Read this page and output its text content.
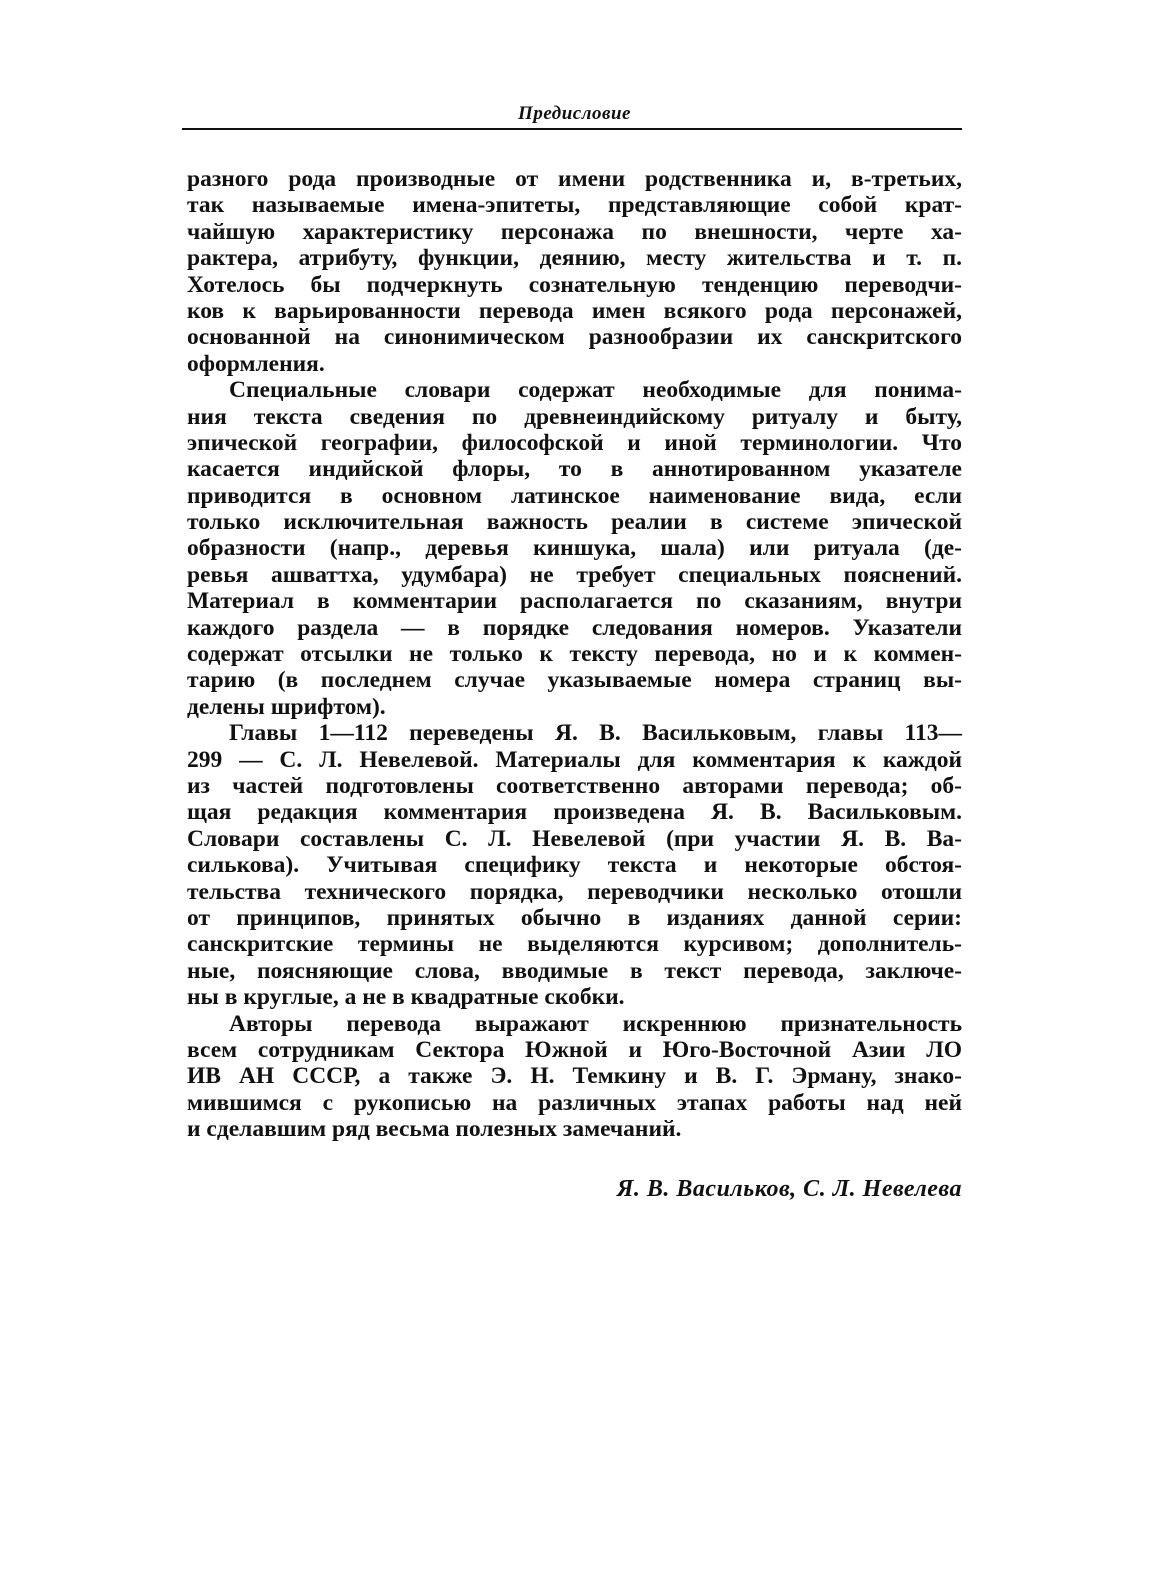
Предисловие
разного рода производные от имени родственника и, в-третьих,
так называемые имена-эпитеты, представляющие собой крат-
чайшую характеристику персонажа по внешности, черте ха-
рактера, атрибуту, функции, деянию, месту жительства и т. п.
Хотелось бы подчеркнуть сознательную тенденцию переводчи-
ков к варьированности перевода имен всякого рода персонажей,
основанной на синонимическом разнообразии их санскритского
оформления.
Специальные словари содержат необходимые для понима-
ния текста сведения по древнеиндийскому ритуалу и быту,
эпической географии, философской и иной терминологии. Что
касается индийской флоры, то в аннотированном указателе
приводится в основном латинское наименование вида, если
только исключительная важность реалии в системе эпической
образности (напр., деревья киншука, шала) или ритуала (де-
ревья ашваттха, удумбара) не требует специальных пояснений.
Материал в комментарии располагается по сказаниям, внутри
каждого раздела — в порядке следования номеров. Указатели
содержат отсылки не только к тексту перевода, но и к коммен-
тарию (в последнем случае указываемые номера страниц вы-
делены шрифтом).
Главы 1—112 переведены Я. В. Васильковым, главы 113—
299 — С. Л. Невелевой. Материалы для комментария к каждой
из частей подготовлены соответственно авторами перевода; об-
щая редакция комментария произведена Я. В. Васильковым.
Словари составлены С. Л. Невелевой (при участии Я. В. Ва-
силькова). Учитывая специфику текста и некоторые обстоя-
тельства технического порядка, переводчики несколько отошли
от принципов, принятых обычно в изданиях данной серии:
санскритские термины не выделяются курсивом; дополнитель-
ные, поясняющие слова, вводимые в текст перевода, заключе-
ны в круглые, а не в квадратные скобки.
Авторы перевода выражают искреннюю признательность
всем сотрудникам Сектора Южной и Юго-Восточной Азии ЛО
ИВ АН СССР, а также Э. Н. Темкину и В. Г. Эрману, знако-
мившимся с рукописью на различных этапах работы над ней
и сделавшим ряд весьма полезных замечаний.
Я. В. Васильков, С. Л. Невелева
